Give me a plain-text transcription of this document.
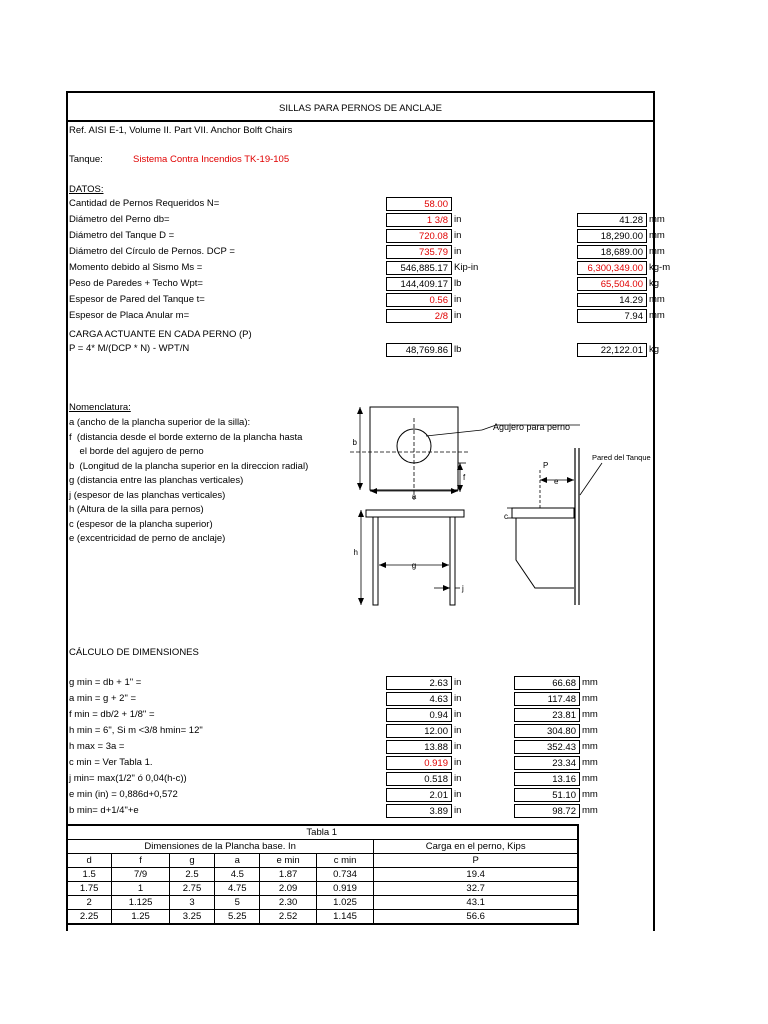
SILLAS PARA PERNOS DE ANCLAJE
Ref. AISI E-1, Volume II. Part VII. Anchor Bolft Chairs
Tanque:	Sistema Contra Incendios TK-19-105
DATOS:
Cantidad de Pernos Requeridos N=	58.00
Diámetro del Perno db=	1 3/8 in	41.28 mm
Diámetro del Tanque D =	720.08 in	18,290.00 mm
Diámetro del Círculo de Pernos. DCP =	735.79 in	18,689.00 mm
Momento debido al Sismo Ms =	546,885.17 Kip-in	6,300,349.00 kg-m
Peso de Paredes + Techo Wpt=	144,409.17 lb	65,504.00 kg
Espesor de Pared del Tanque t=	0.56 in	14.29 mm
Espesor de Placa Anular m=	2/8 in	7.94 mm
CARGA ACTUANTE EN CADA PERNO (P)
P = 4* M/(DCP * N) - WPT/N	48,769.86 lb	22,122.01 kg
Nomenclatura:
a (ancho de la plancha superior de la silla):
f  (distancia desde el borde externo de la plancha hasta
el borde del agujero de perno
b  (Longitud de la plancha superior en la direccion radial)
g (distancia entre las planchas verticales)
j (espesor de las planchas verticales)
h (Altura de la silla para pernos)
c (espesor de la plancha superior)
e (excentricidad de perno de anclaje)
b
a
f
Agujero para perno
Pared del Tanque
P
e
c
h
g
j
CÁLCULO DE DIMENSIONES
g min = db + 1" =	2.63 in	66.68 mm
a min = g + 2" =	4.63 in	117.48 mm
f min = db/2 + 1/8" =	0.94 in	23.81 mm
h min = 6", Si m <3/8 hmin= 12"	12.00 in	304.80 mm
h max = 3a =	13.88 in	352.43 mm
c min = Ver Tabla 1.	0.919 in	23.34 mm
j min= max(1/2" ó 0,04(h-c))	0.518 in	13.16 mm
e min (in) = 0,886d+0,572	2.01 in	51.10 mm
b min= d+1/4"+e	3.89 in	98.72 mm
Tabla 1						
Dimensiones de la Plancha base. In						Carga en el perno, Kips
d	f	g	a	e min	c min	P
1.5	7/9	2.5	4.5	1.87	0.734	19.4
1.75	1	2.75	4.75	2.09	0.919	32.7
2	1.125	3	5	2.30	1.025	43.1
2.25	1.25	3.25	5.25	2.52	1.145	56.6
